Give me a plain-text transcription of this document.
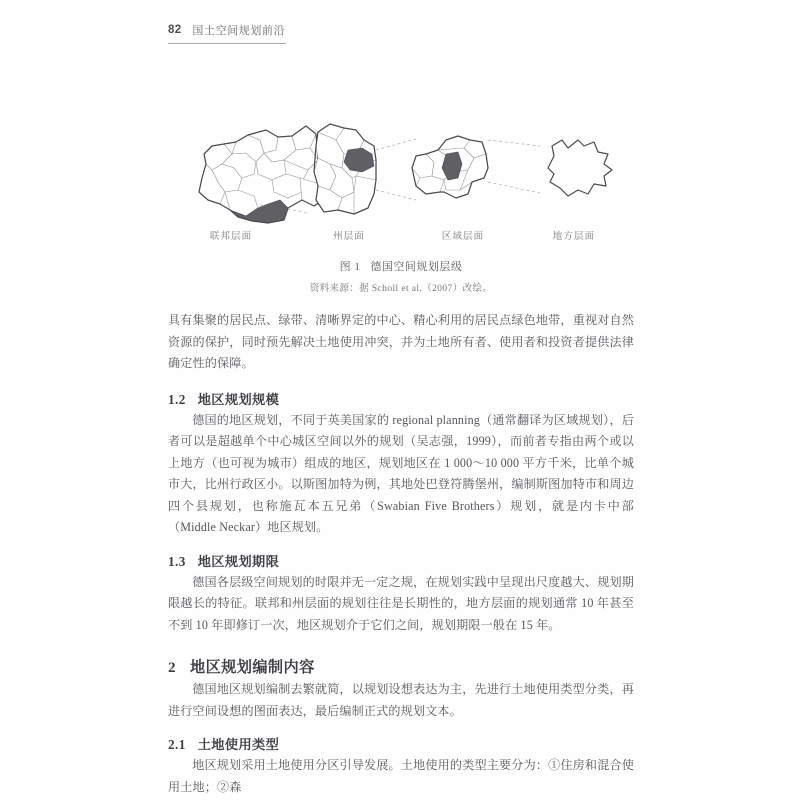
82 国土空间规划前沿
联邦层面	州层面	区域层面	地方层面
图 1 德国空间规划层级
资料来源：据 Scholl et al.（2007）改绘。

具有集聚的居民点、绿带、清晰界定的中心、精心利用的居民点绿色地带，重视对自然资源的保护，同时预先解决土地使用冲突，并为土地所有者、使用者和投资者提供法律确定性的保障。

1.2 地区规划规模

德国的地区规划，不同于英美国家的 regional planning（通常翻译为区域规划），后者可以是超越单个中心城区空间以外的规划（吴志强，1999），而前者专指由两个或以上地方（也可视为城市）组成的地区，规划地区在 1 000～10 000 平方千米，比单个城市大，比州行政区小。以斯图加特为例，其地处巴登符腾堡州，编制斯图加特市和周边四个县规划，也称施瓦本五兄弟（Swabian Five Brothers）规划，就是内卡中部（Middle Neckar）地区规划。

1.3 地区规划期限

德国各层级空间规划的时限并无一定之规，在规划实践中呈现出尺度越大、规划期限越长的特征。联邦和州层面的规划往往是长期性的，地方层面的规划通常 10 年甚至不到 10 年即修订一次，地区规划介于它们之间，规划期限一般在 15 年。

2 地区规划编制内容

德国地区规划编制去繁就简，以规划设想表达为主，先进行土地使用类型分类，再进行空间设想的图面表达，最后编制正式的规划文本。

2.1 土地使用类型

地区规划采用土地使用分区引导发展。土地使用的类型主要分为：①住房和混合使用土地；②森
